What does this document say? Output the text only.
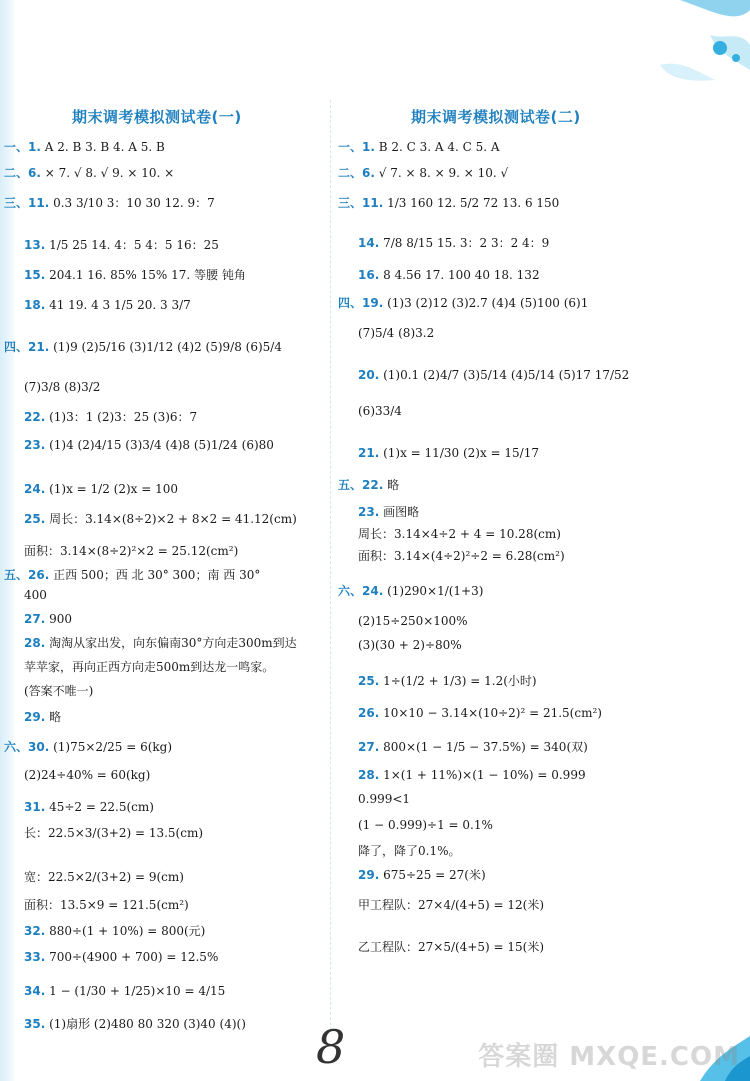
期末调考模拟测试卷(一)	期末调考模拟测试卷(二)
一、1. A 2. B 3. B 4. A 5. B
二、6. × 7. √ 8. √ 9. × 10. ×
三、11. 0.3 3/10 3：10 30 12. 9：7
13. 1/5 25 14. 4：5 4：5 16：25
15. 204.1 16. 85% 15% 17. 等腰 钝角
18. 41 19. 4 3 1/5 20. 3 3/7
四、21. (1)9 (2)5/16 (3)1/12 (4)2 (5)9/8 (6)5/4
(7)3/8 (8)3/2
22. (1)3：1 (2)3：25 (3)6：7
23. (1)4 (2)4/15 (3)3/4 (4)8 (5)1/24 (6)80
24. (1)x = 1/2 (2)x = 100
25. 周长：3.14×(8÷2)×2 + 8×2 = 41.12(cm)
面积：3.14×(8÷2)²×2 = 25.12(cm²)
五、26. 正西 500；西 北 30° 300；南 西 30°
400
27. 900
28. 淘淘从家出发，向东偏南30°方向走300m到达
苹苹家，再向正西方向走500m到达龙一鸣家。
(答案不唯一)
29. 略
六、30. (1)75×2/25 = 6(kg)
(2)24÷40% = 60(kg)
31. 45÷2 = 22.5(cm)
长：22.5×3/(3+2) = 13.5(cm)
宽：22.5×2/(3+2) = 9(cm)
面积：13.5×9 = 121.5(cm²)
32. 880÷(1 + 10%) = 800(元)
33. 700÷(4900 + 700) = 12.5%
34. 1 − (1/30 + 1/25)×10 = 4/15
35. (1)扇形 (2)480 80 320 (3)40 (4)()
一、1. B 2. C 3. A 4. C 5. A
二、6. √ 7. × 8. × 9. × 10. √
三、11. 1/3 160 12. 5/2 72 13. 6 150
14. 7/8 8/15 15. 3：2 3：2 4：9
16. 8 4.56 17. 100 40 18. 132
四、19. (1)3 (2)12 (3)2.7 (4)4 (5)100 (6)1
(7)5/4 (8)3.2
20. (1)0.1 (2)4/7 (3)5/14 (4)5/14 (5)17 17/52
(6)33/4
21. (1)x = 11/30 (2)x = 15/17
五、22. 略
23. 画图略
周长：3.14×4÷2 + 4 = 10.28(cm)
面积：3.14×(4÷2)²÷2 = 6.28(cm²)
六、24. (1)290×1/(1+3)
(2)15÷250×100%
(3)(30 + 2)÷80%
25. 1÷(1/2 + 1/3) = 1.2(小时)
26. 10×10 − 3.14×(10÷2)² = 21.5(cm²)
27. 800×(1 − 1/5 − 37.5%) = 340(双)
28. 1×(1 + 11%)×(1 − 10%) = 0.999
0.999<1
(1 − 0.999)÷1 = 0.1%
降了，降了0.1%。
29. 675÷25 = 27(米)
甲工程队：27×4/(4+5) = 12(米)
乙工程队：27×5/(4+5) = 15(米)
8	答案圈 MXQE.COM
